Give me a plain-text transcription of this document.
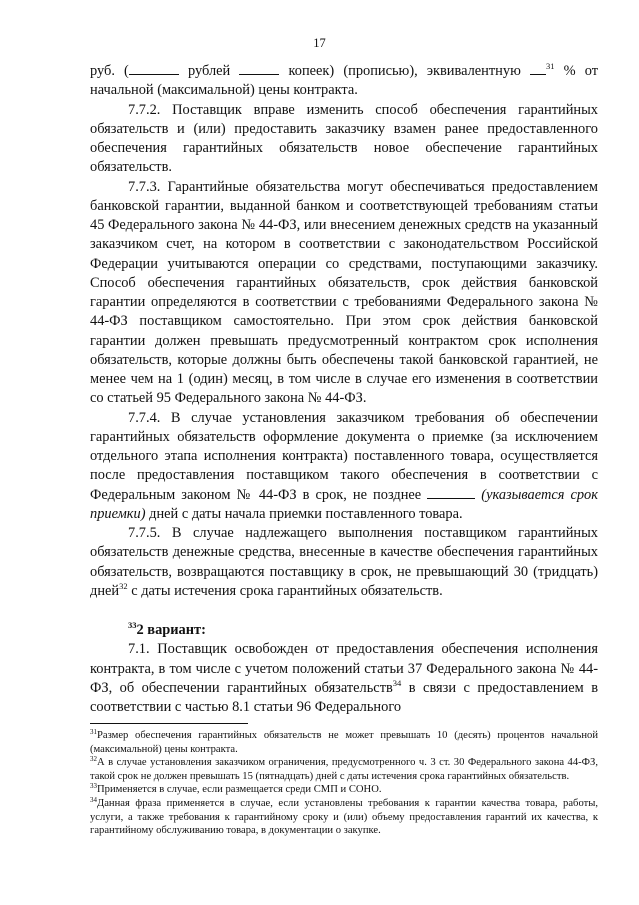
17

руб. (	рублей	копеек) (прописью), эквивалентную $^{31}$ % от начальной (максимальной) цены контракта.

7.7.2. Поставщик вправе изменить способ обеспечения гарантийных обязательств и (или) предоставить заказчику взамен ранее предоставленного обеспечения гарантийных обязательств новое обеспечение гарантийных обязательств.

7.7.3. Гарантийные обязательства могут обеспечиваться предоставлением банковской гарантии, выданной банком и соответствующей требованиям статьи 45 Федерального закона № 44-ФЗ, или внесением денежных средств на указанный заказчиком счет, на котором в соответствии с законодательством Российской Федерации учитываются операции со средствами, поступающими заказчику. Способ обеспечения гарантийных обязательств, срок действия банковской гарантии определяются в соответствии с требованиями Федерального закона № 44-ФЗ поставщиком самостоятельно. При этом срок действия банковской гарантии должен превышать предусмотренный контрактом срок исполнения обязательств, которые должны быть обеспечены такой банковской гарантией, не менее чем на 1 (один) месяц, в том числе в случае его изменения в соответствии со статьей 95 Федерального закона № 44-ФЗ.

7.7.4. В случае установления заказчиком требования об обеспечении гарантийных обязательств оформление документа о приемке (за исключением отдельного этапа исполнения контракта) поставленного товара, осуществляется после предоставления поставщиком такого обеспечения в соответствии с Федеральным законом № 44-ФЗ в срок, не позднее	(указывается срок приемки) дней с даты начала приемки поставленного товара.

7.7.5. В случае надлежащего выполнения поставщиком гарантийных обязательств денежные средства, внесенные в качестве обеспечения гарантийных обязательств, возвращаются поставщику в срок, не превышающий 30 (тридцать) дней$^{32}$ с даты истечения срока гарантийных обязательств.

$^{33}$2 вариант:

7.1. Поставщик освобожден от предоставления обеспечения исполнения контракта, в том числе с учетом положений статьи 37 Федерального закона № 44-ФЗ, об обеспечении гарантийных обязательств$^{34}$ в связи с предоставлением в соответствии с частью 8.1 статьи 96 Федерального

$^{31}$Размер обеспечения гарантийных обязательств не может превышать 10 (десять) процентов начальной (максимальной) цены контракта.

$^{32}$А в случае установления заказчиком ограничения, предусмотренного ч. 3 ст. 30 Федерального закона 44-ФЗ, такой срок не должен превышать 15 (пятнадцать) дней с даты истечения срока гарантийных обязательств.

$^{33}$Применяется в случае, если размещается среди СМП и СОНО.

$^{34}$Данная фраза применяется в случае, если установлены требования к гарантии качества товара, работы, услуги, а также требования к гарантийному сроку и (или) объему предоставления гарантий их качества, к гарантийному обслуживанию товара, в документации о закупке.
